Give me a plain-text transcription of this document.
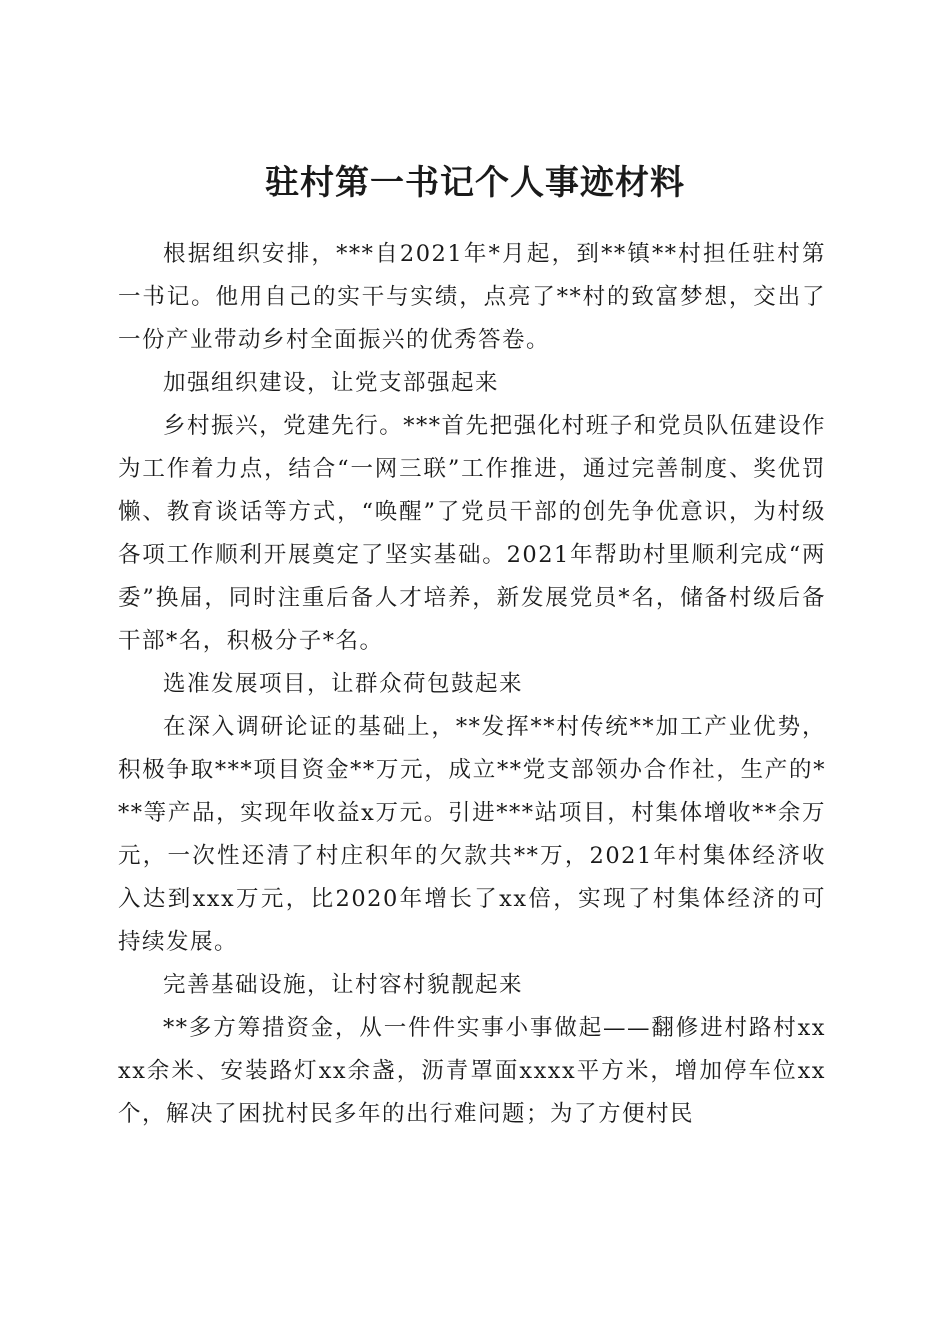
驻村第一书记个人事迹材料

根据组织安排，***自2021年*月起，到**镇**村担任驻村第一书记。他用自己的实干与实绩，点亮了**村的致富梦想，交出了一份产业带动乡村全面振兴的优秀答卷。

加强组织建设，让党支部强起来

乡村振兴，党建先行。***首先把强化村班子和党员队伍建设作为工作着力点，结合“一网三联”工作推进，通过完善制度、奖优罚懒、教育谈话等方式，“唤醒”了党员干部的创先争优意识，为村级各项工作顺利开展奠定了坚实基础。2021年帮助村里顺利完成“两委”换届，同时注重后备人才培养，新发展党员*名，储备村级后备干部*名，积极分子*名。

选准发展项目，让群众荷包鼓起来

在深入调研论证的基础上，**发挥**村传统**加工产业优势，积极争取***项目资金**万元，成立**党支部领办合作社，生产的***等产品，实现年收益x万元。引进***站项目，村集体增收**余万元，一次性还清了村庄积年的欠款共**万，2021年村集体经济收入达到xxx万元，比2020年增长了xx倍，实现了村集体经济的可持续发展。

完善基础设施，让村容村貌靓起来

**多方筹措资金，从一件件实事小事做起——翻修进村路村xxxx余米、安装路灯xx余盏，沥青罩面xxxx平方米，增加停车位xx个，解决了困扰村民多年的出行难问题；为了方便村民
